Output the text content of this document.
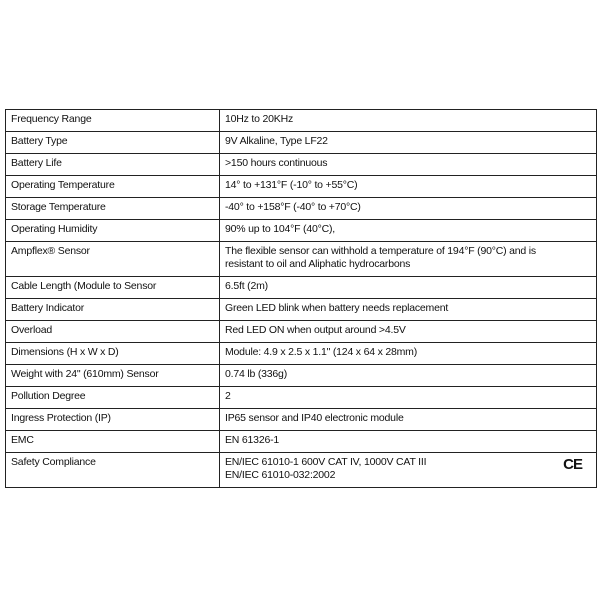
Frequency Range	10Hz to 20KHz

Battery Type	9V Alkaline, Type LF22

Battery Life	>150 hours continuous

Operating Temperature	14° to +131°F (-10° to +55°C)

Storage Temperature	-40° to +158°F (-40° to +70°C)

Operating Humidity	90% up to 104°F (40°C),

Ampflex® Sensor	The flexible sensor can withhold a temperature of 194°F (90°C) and is
resistant to oil and Aliphatic hydrocarbons

Cable Length (Module to Sensor	6.5ft (2m)

Battery Indicator	Green LED blink when battery needs replacement

Overload	Red LED ON when output around >4.5V

Dimensions (H x W x D)	Module: 4.9 x 2.5 x 1.1" (124 x 64 x 28mm)

Weight with 24" (610mm) Sensor	0.74 lb (336g)

Pollution Degree	2

Ingress Protection (IP)	IP65 sensor and IP40 electronic module

EMC	EN 61326-1

Safety Compliance	EN/IEC 61010-1 600V CAT IV, 1000V CAT III
EN/IEC 61010-032:2002
CE
